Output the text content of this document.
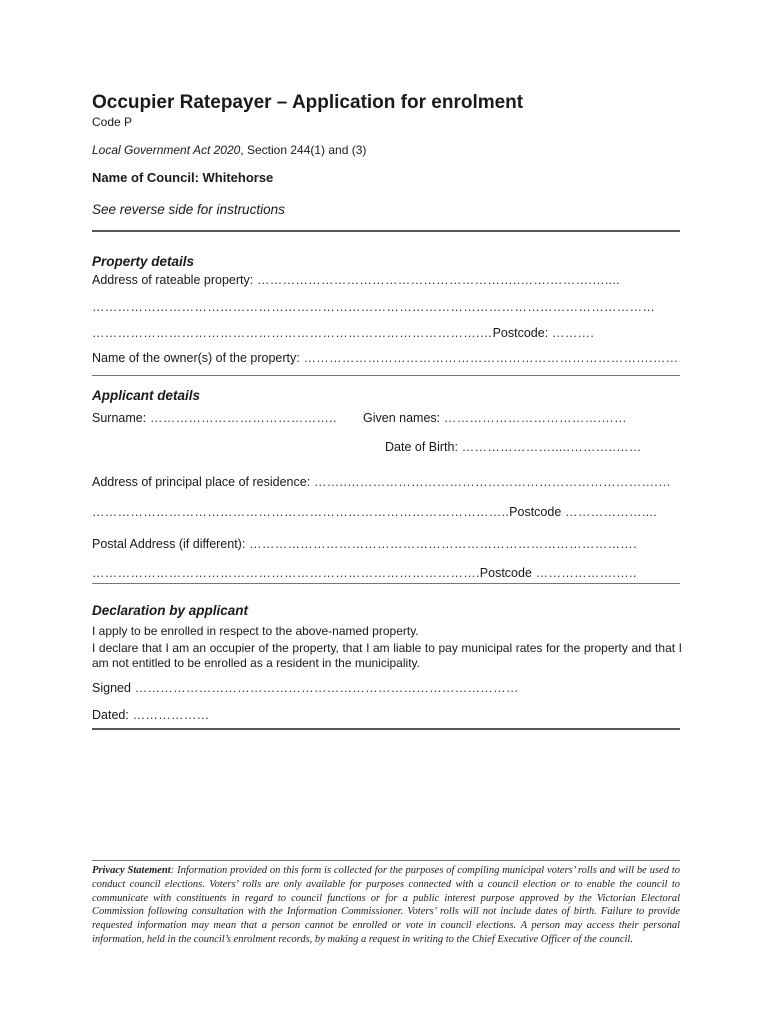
Occupier Ratepayer – Application for enrolment
Code P
Local Government Act 2020, Section 244(1) and (3)
Name of Council: Whitehorse
See reverse side for instructions
Property details
Address of rateable property: ……………………………………………………..…….……….…....
……………………………………………………………………………………………………………………
……………………………………………………………………………….…Postcode: ……….
Name of the owner(s) of the property: ……………………………………………………………………….……
Applicant details
Surname: …………………………………….. Given names: ……………………………….……
Date of Birth: ………………….....………..……
Address of principal place of residence: ……..……………………………………………………………….…
……………………………………………………………………………………..Postcode ………………....
Postal Address (if different): ……………………………………………………………………………….
……………………………………………………………………………….Postcode ……………….…..
Declaration by applicant
I apply to be enrolled in respect to the above-named property.
I declare that I am an occupier of the property, that I am liable to pay municipal rates for the property and that I am not entitled to be enrolled as a resident in the municipality.
Signed ………………………………………………………………………………
Dated: ………………
Privacy Statement: Information provided on this form is collected for the purposes of compiling municipal voters’ rolls and will be used to conduct council elections. Voters’ rolls are only available for purposes connected with a council election or to enable the council to communicate with constituents in regard to council functions or for a public interest purpose approved by the Victorian Electoral Commission following consultation with the Information Commissioner. Voters’ rolls will not include dates of birth. Failure to provide requested information may mean that a person cannot be enrolled or vote in council elections. A person may access their personal information, held in the council’s enrolment records, by making a request in writing to the Chief Executive Officer of the council.
